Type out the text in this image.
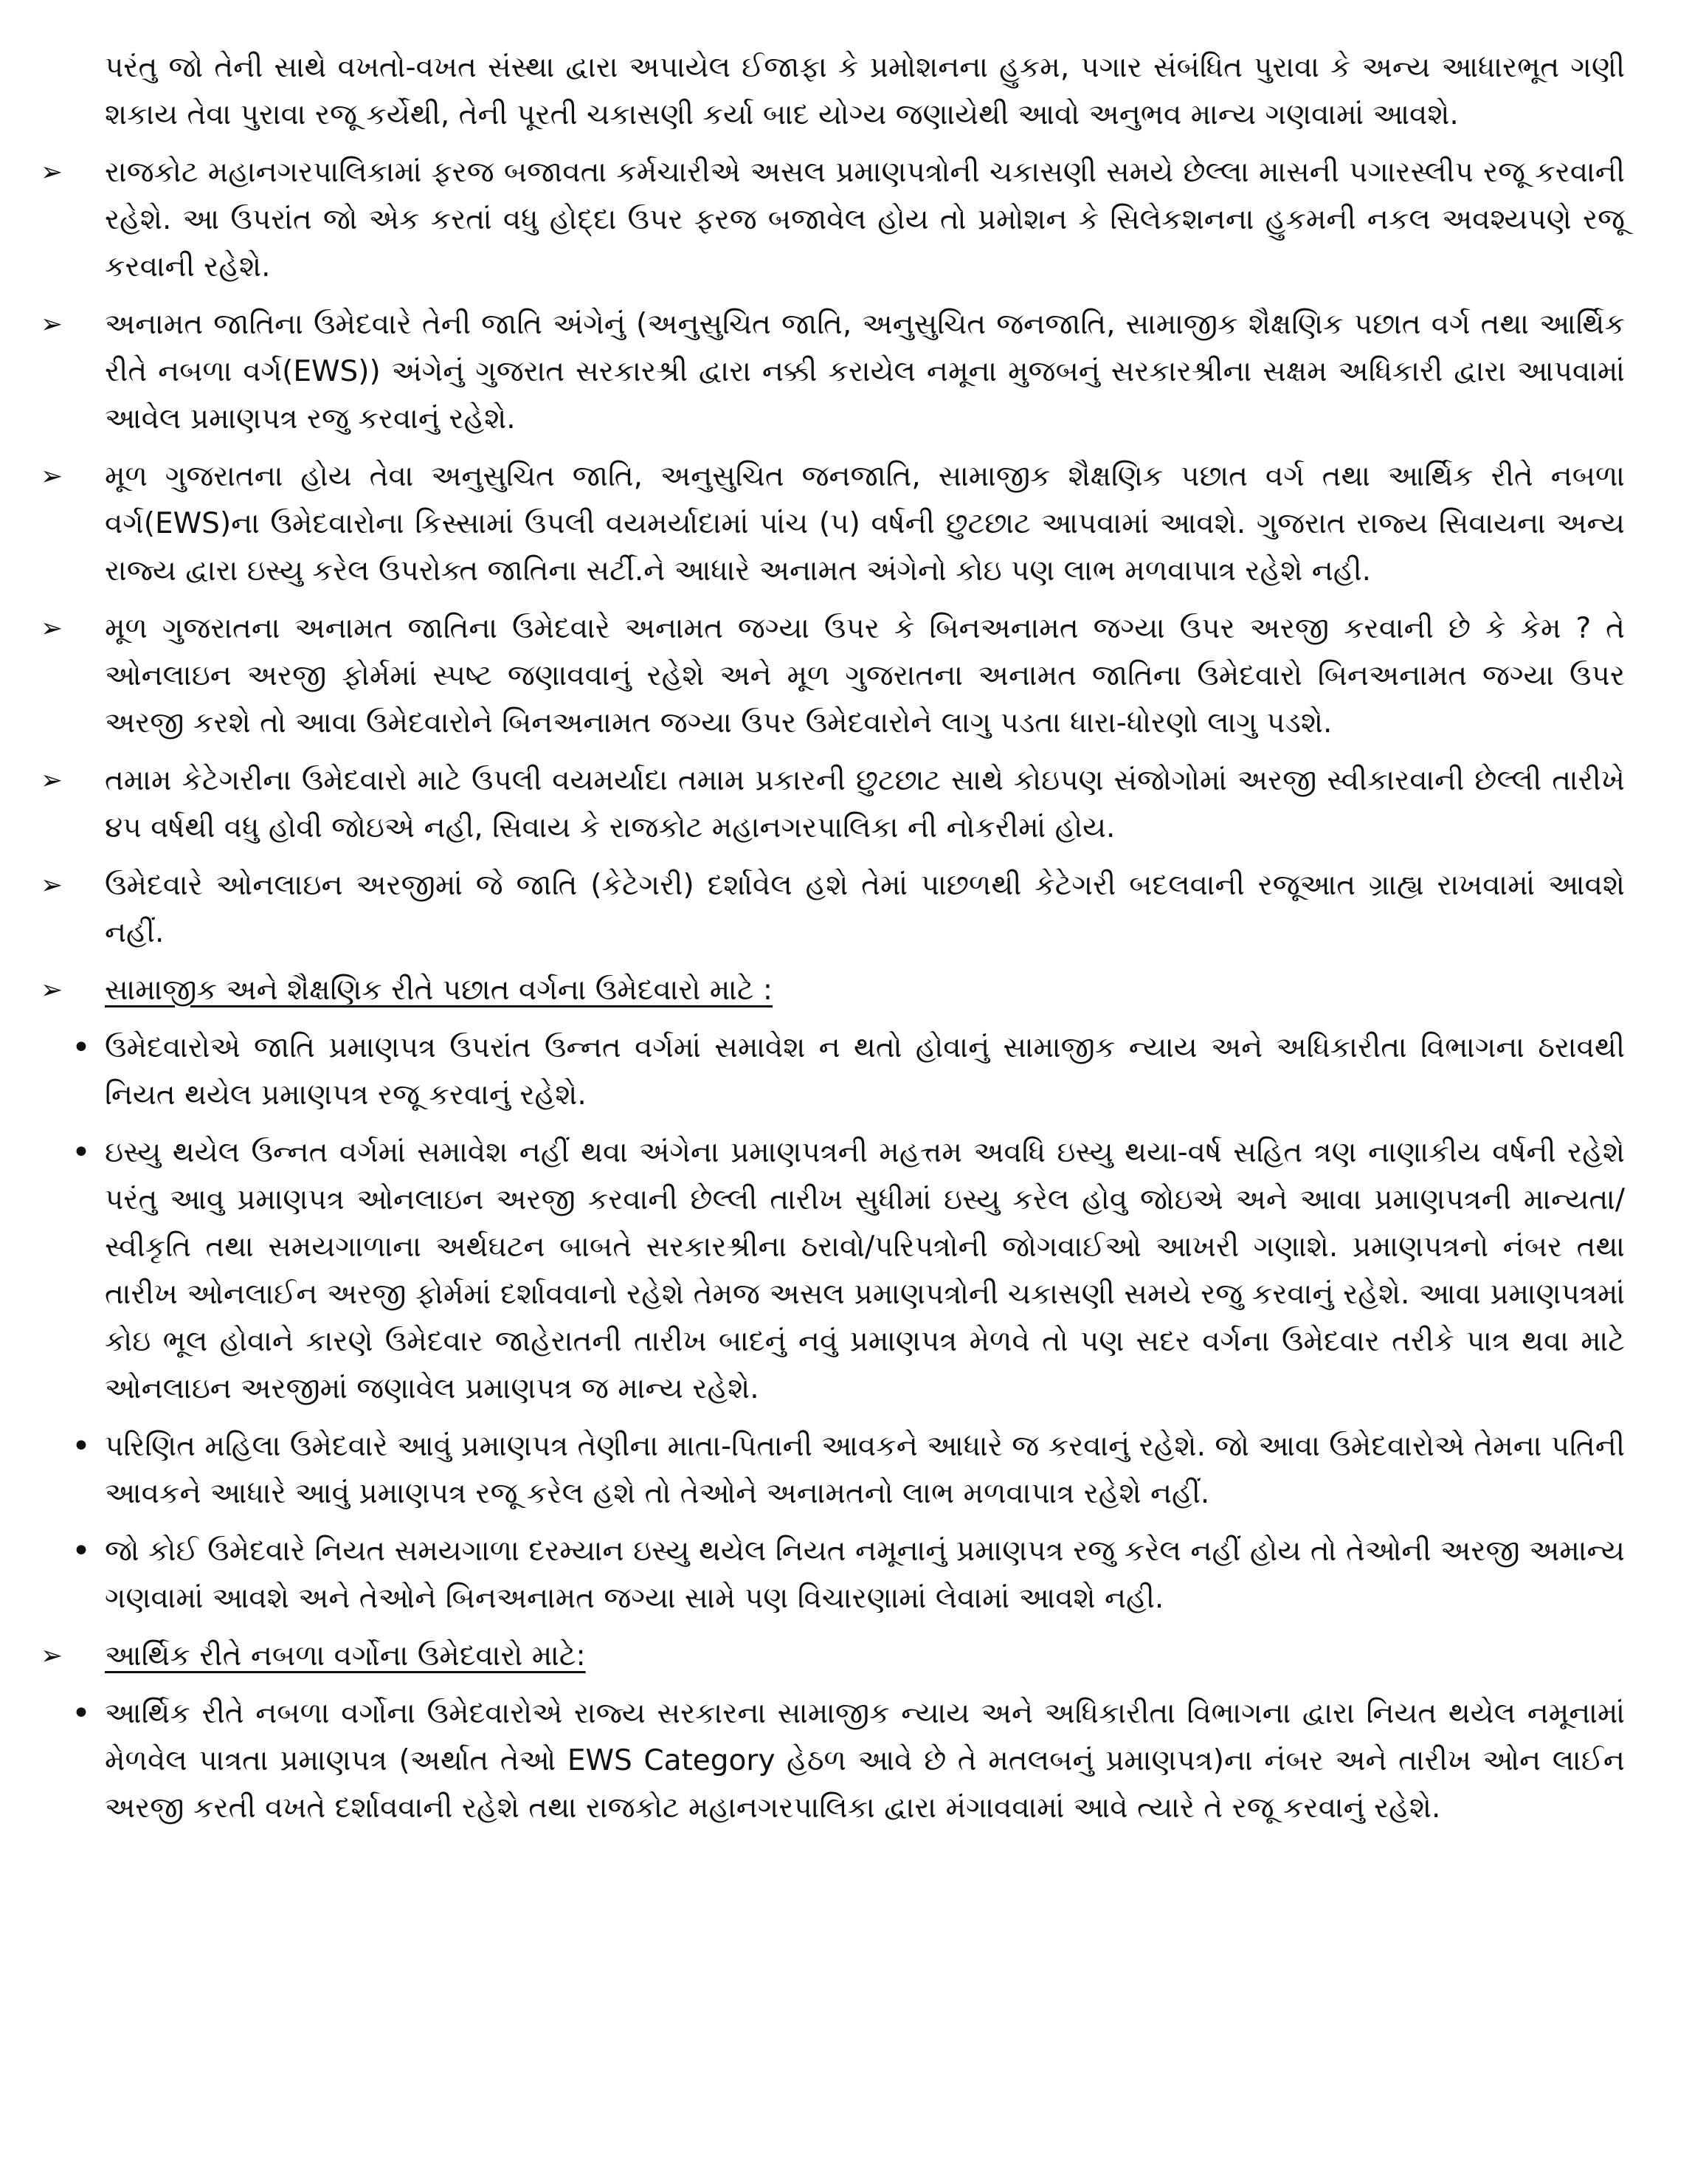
પરંતુ જો તેની સાથે વખતો-વખત સંસ્થા દ્વારા અપાયેલ ઈજાફા કે પ્રમોશનના હુકમ, પગાર સંબંધિત પુરાવા કે અન્ય આધારભૂત ગણી શકાય તેવા પુરાવા રજૂ કર્યેથી, તેની પૂરતી ચકાસણી કર્યા બાદ યોગ્ય જણાયેથી આવો અનુભવ માન્ય ગણવામાં આવશે.

➢	રાજકોટ મહાનગરપાલિકામાં ફરજ બજાવતા કર્મચારીએ અસલ પ્રમાણપત્રોની ચકાસણી સમયે છેલ્લા માસની પગારસ્લીપ રજૂ કરવાની રહેશે. આ ઉપરાંત જો એક કરતાં વધુ હોદ્દા ઉપર ફરજ બજાવેલ હોય તો પ્રમોશન કે સિલેકશનના હુકમની નકલ અવશ્યપણે રજૂ કરવાની રહેશે.
➢	અનામત જાતિના ઉમેદવારે તેની જાતિ અંગેનું (અનુસુચિત જાતિ, અનુસુચિત જનજાતિ, સામાજીક શૈક્ષણિક પછાત વર્ગ તથા આર્થિક રીતે નબળા વર્ગ(EWS)) અંગેનું ગુજરાત સરકારશ્રી દ્વારા નક્કી કરાયેલ નમૂના મુજબનું સરકારશ્રીના સક્ષમ અધિકારી દ્વારા આપવામાં આવેલ પ્રમાણપત્ર રજુ કરવાનું રહેશે.
➢	મૂળ ગુજરાતના હોય તેવા અનુસુચિત જાતિ, અનુસુચિત જનજાતિ, સામાજીક શૈક્ષણિક પછાત વર્ગ તથા આર્થિક રીતે નબળા વર્ગ(EWS)ના ઉમેદવારોના કિસ્સામાં ઉપલી વયમર્યાદામાં પાંચ (૫) વર્ષની છુટછાટ આપવામાં આવશે. ગુજરાત રાજ્ય સિવાયના અન્ય રાજ્ય દ્વારા ઇસ્યુ કરેલ ઉપરોક્ત જાતિના સર્ટી.ને આધારે અનામત અંગેનો કોઇ પણ લાભ મળવાપાત્ર રહેશે નહી.
➢	મૂળ ગુજરાતના અનામત જાતિના ઉમેદવારે અનામત જગ્યા ઉપર કે બિનઅનામત જગ્યા ઉપર અરજી કરવાની છે કે કેમ ? તે ઓનલાઇન અરજી ફોર્મમાં સ્પષ્ટ જણાવવાનું રહેશે અને મૂળ ગુજરાતના અનામત જાતિના ઉમેદવારો બિનઅનામત જગ્યા ઉપર અરજી કરશે તો આવા ઉમેદવારોને બિનઅનામત જગ્યા ઉપર ઉમેદવારોને લાગુ પડતા ધારા-ધોરણો લાગુ પડશે.
➢	તમામ કેટેગરીના ઉમેદવારો માટે ઉપલી વયમર્યાદા તમામ પ્રકારની છુટછાટ સાથે કોઇપણ સંજોગોમાં અરજી સ્વીકારવાની છેલ્લી તારીખે ૪૫ વર્ષથી વધુ હોવી જોઇએ નહી, સિવાય કે રાજકોટ મહાનગરપાલિકા ની નોકરીમાં હોય.
➢	ઉમેદવારે ઓનલાઇન અરજીમાં જે જાતિ (કેટેગરી) દર્શાવેલ હશે તેમાં પાછળથી કેટેગરી બદલવાની રજૂઆત ગ્રાહ્ય રાખવામાં આવશે નહીં.
➢	સામાજીક અને શૈક્ષણિક રીતે પછાત વર્ગના ઉમેદવારો માટે :
• ઉમેદવારોએ જાતિ પ્રમાણપત્ર ઉપરાંત ઉન્નત વર્ગમાં સમાવેશ ન થતો હોવાનું સામાજીક ન્યાય અને અધિકારીતા વિભાગના ઠરાવથી નિયત થયેલ પ્રમાણપત્ર રજૂ કરવાનું રહેશે.
• ઇસ્યુ થયેલ ઉન્નત વર્ગમાં સમાવેશ નહીં થવા અંગેના પ્રમાણપત્રની મહત્તમ અવધિ ઇસ્યુ થયા-વર્ષ સહિત ત્રણ નાણાકીય વર્ષની રહેશે પરંતુ આવુ પ્રમાણપત્ર ઓનલાઇન અરજી કરવાની છેલ્લી તારીખ સુધીમાં ઇસ્યુ કરેલ હોવુ જોઇએ અને આવા પ્રમાણપત્રની માન્યતા/ સ્વીકૃતિ તથા સમયગાળાના અર્થઘટન બાબતે સરકારશ્રીના ઠરાવો/પરિપત્રોની જોગવાઈઓ આખરી ગણાશે. પ્રમાણપત્રનો નંબર તથા તારીખ ઓનલાઈન અરજી ફોર્મમાં દર્શાવવાનો રહેશે તેમજ અસલ પ્રમાણપત્રોની ચકાસણી સમયે રજુ કરવાનું રહેશે. આવા પ્રમાણપત્રમાં કોઇ ભૂલ હોવાને કારણે ઉમેદવાર જાહેરાતની તારીખ બાદનું નવું પ્રમાણપત્ર મેળવે તો પણ સદર વર્ગના ઉમેદવાર તરીકે પાત્ર થવા માટે ઓનલાઇન અરજીમાં જણાવેલ પ્રમાણપત્ર જ માન્ય રહેશે.
• પરિણિત મહિલા ઉમેદવારે આવું પ્રમાણપત્ર તેણીના માતા-પિતાની આવકને આધારે જ કરવાનું રહેશે. જો આવા ઉમેદવારોએ તેમના પતિની આવકને આધારે આવું પ્રમાણપત્ર રજૂ કરેલ હશે તો તેઓને અનામતનો લાભ મળવાપાત્ર રહેશે નહીં.
• જો કોઈ ઉમેદવારે નિયત સમયગાળા દરમ્યાન ઇસ્યુ થયેલ નિયત નમૂનાનું પ્રમાણપત્ર રજુ કરેલ નહીં હોય તો તેઓની અરજી અમાન્ય ગણવામાં આવશે અને તેઓને બિનઅનામત જગ્યા સામે પણ વિચારણામાં લેવામાં આવશે નહી.
➢	આર્થિક રીતે નબળા વર્ગોના ઉમેદવારો માટે:
• આર્થિક રીતે નબળા વર્ગોના ઉમેદવારોએ રાજ્ય સરકારના સામાજીક ન્યાય અને અધિકારીતા વિભાગના દ્વારા નિયત થયેલ નમૂનામાં મેળવેલ પાત્રતા પ્રમાણપત્ર (અર્થાત તેઓ EWS Category હેઠળ આવે છે તે મતલબનું પ્રમાણપત્ર)ના નંબર અને તારીખ ઓન લાઈન અરજી કરતી વખતે દર્શાવવાની રહેશે તથા રાજકોટ મહાનગરપાલિકા દ્વારા મંગાવવામાં આવે ત્યારે તે રજૂ કરવાનું રહેશે.
